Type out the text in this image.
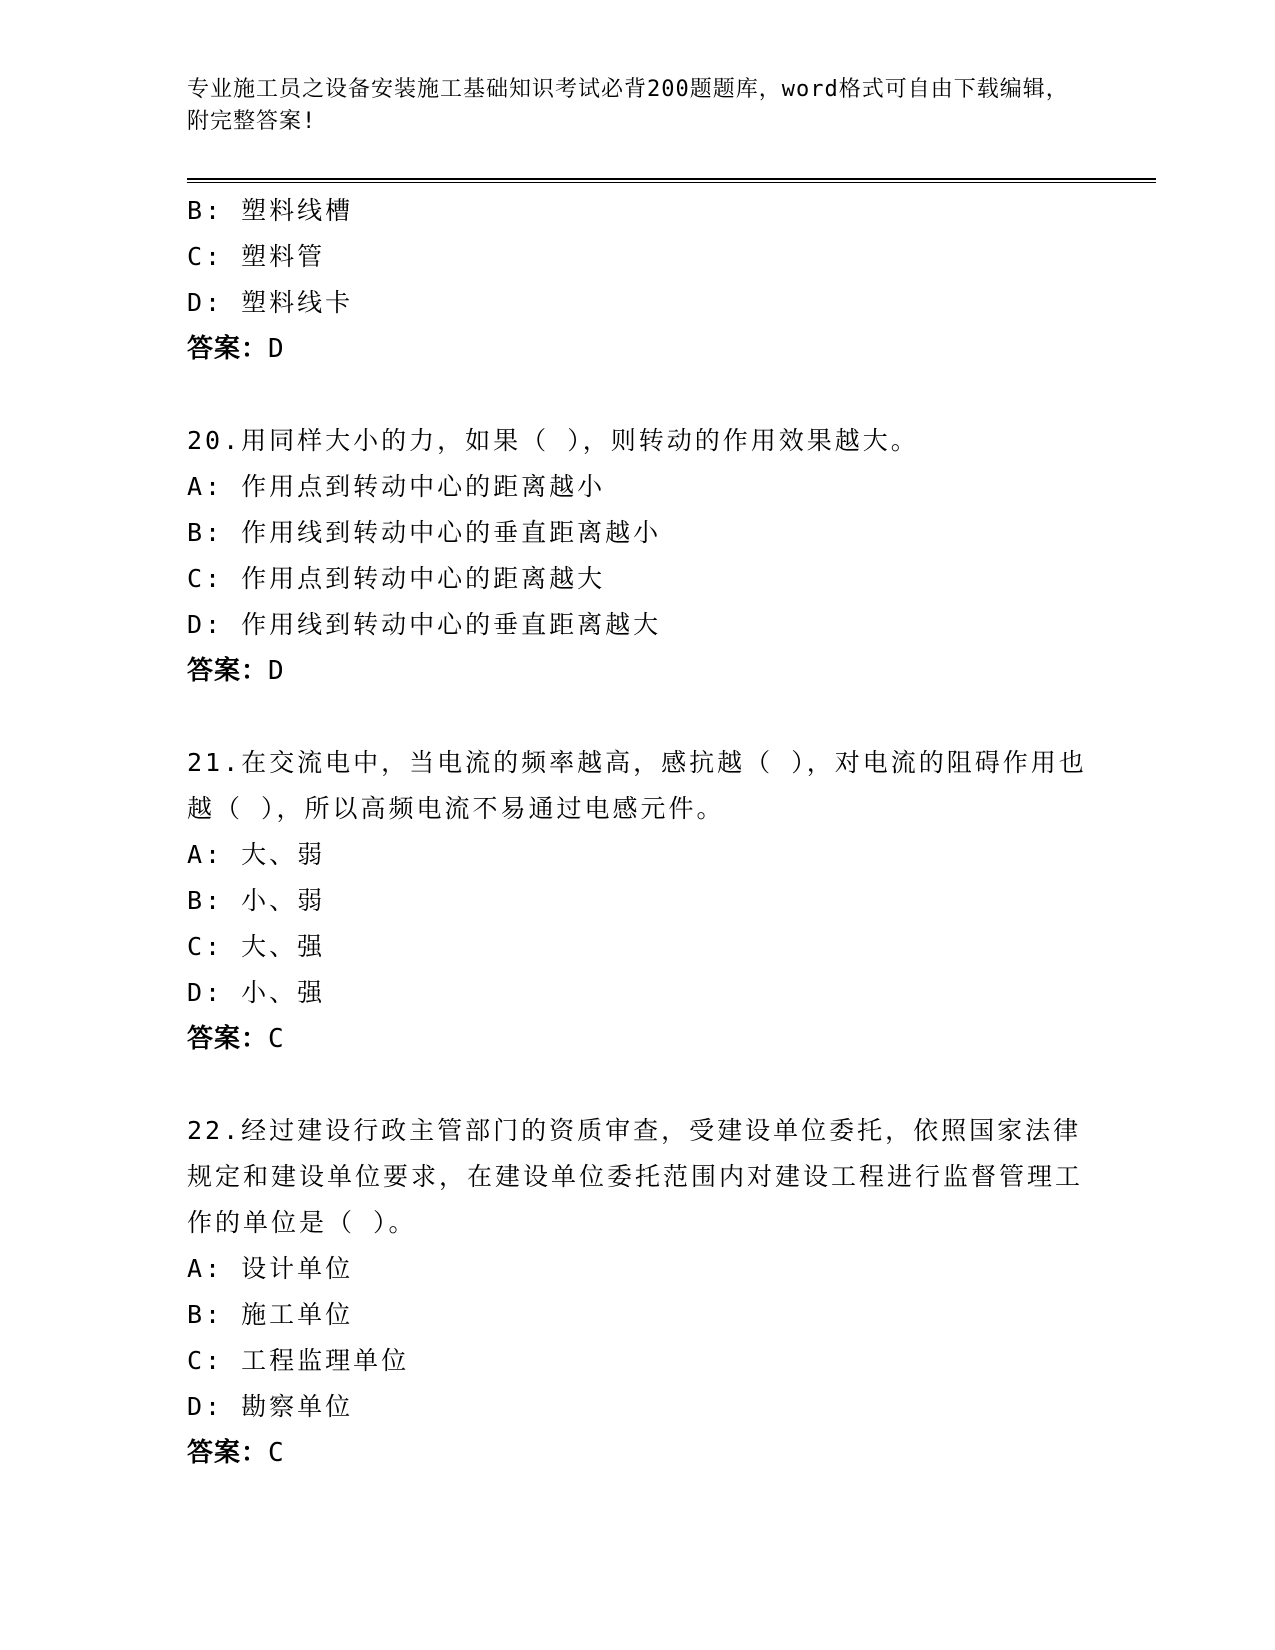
专业施工员之设备安装施工基础知识考试必背200题题库，word格式可自由下载编辑，附完整答案!
B: 塑料线槽
C: 塑料管
D: 塑料线卡
答案：D
20.用同样大小的力，如果（ ），则转动的作用效果越大。
A: 作用点到转动中心的距离越小
B: 作用线到转动中心的垂直距离越小
C: 作用点到转动中心的距离越大
D: 作用线到转动中心的垂直距离越大
答案：D
21.在交流电中，当电流的频率越高，感抗越（ ），对电流的阻碍作用也越（ ），所以高频电流不易通过电感元件。
A: 大、弱
B: 小、弱
C: 大、强
D: 小、强
答案：C
22.经过建设行政主管部门的资质审查，受建设单位委托，依照国家法律规定和建设单位要求，在建设单位委托范围内对建设工程进行监督管理工作的单位是（ ）。
A: 设计单位
B: 施工单位
C: 工程监理单位
D: 勘察单位
答案：C
